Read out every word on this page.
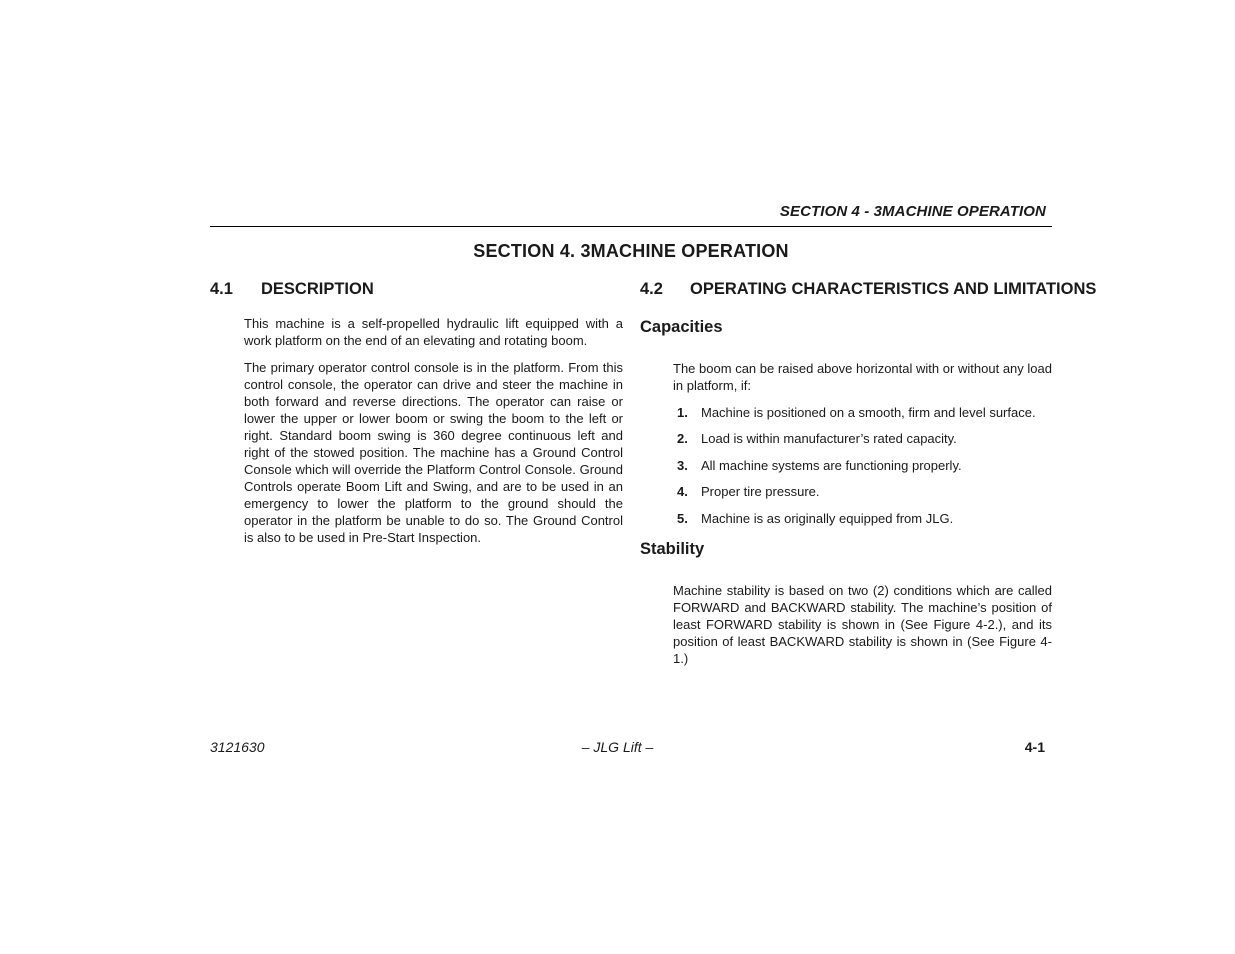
SECTION 4 - 3MACHINE OPERATION

SECTION 4. 3MACHINE OPERATION
4.1 DESCRIPTION

This machine is a self-propelled hydraulic lift equipped with a work platform on the end of an elevating and rotating boom.

The primary operator control console is in the platform. From this control console, the operator can drive and steer the machine in both forward and reverse directions. The operator can raise or lower the upper or lower boom or swing the boom to the left or right. Standard boom swing is 360 degree continuous left and right of the stowed position. The machine has a Ground Control Console which will override the Platform Control Console. Ground Controls operate Boom Lift and Swing, and are to be used in an emergency to lower the platform to the ground should the operator in the platform be unable to do so. The Ground Control is also to be used in Pre-Start Inspection.

4.2 OPERATING CHARACTERISTICS AND LIMITATIONS
Capacities

The boom can be raised above horizontal with or without any load in platform, if:

1. Machine is positioned on a smooth, firm and level surface.
2. Load is within manufacturer’s rated capacity.
3. All machine systems are functioning properly.
4. Proper tire pressure.
5. Machine is as originally equipped from JLG.
Stability

Machine stability is based on two (2) conditions which are called FORWARD and BACKWARD stability. The machine’s position of least FORWARD stability is shown in (See Figure 4-2.), and its position of least BACKWARD stability is shown in (See Figure 4-1.)

3121630	– JLG Lift –	4-1
